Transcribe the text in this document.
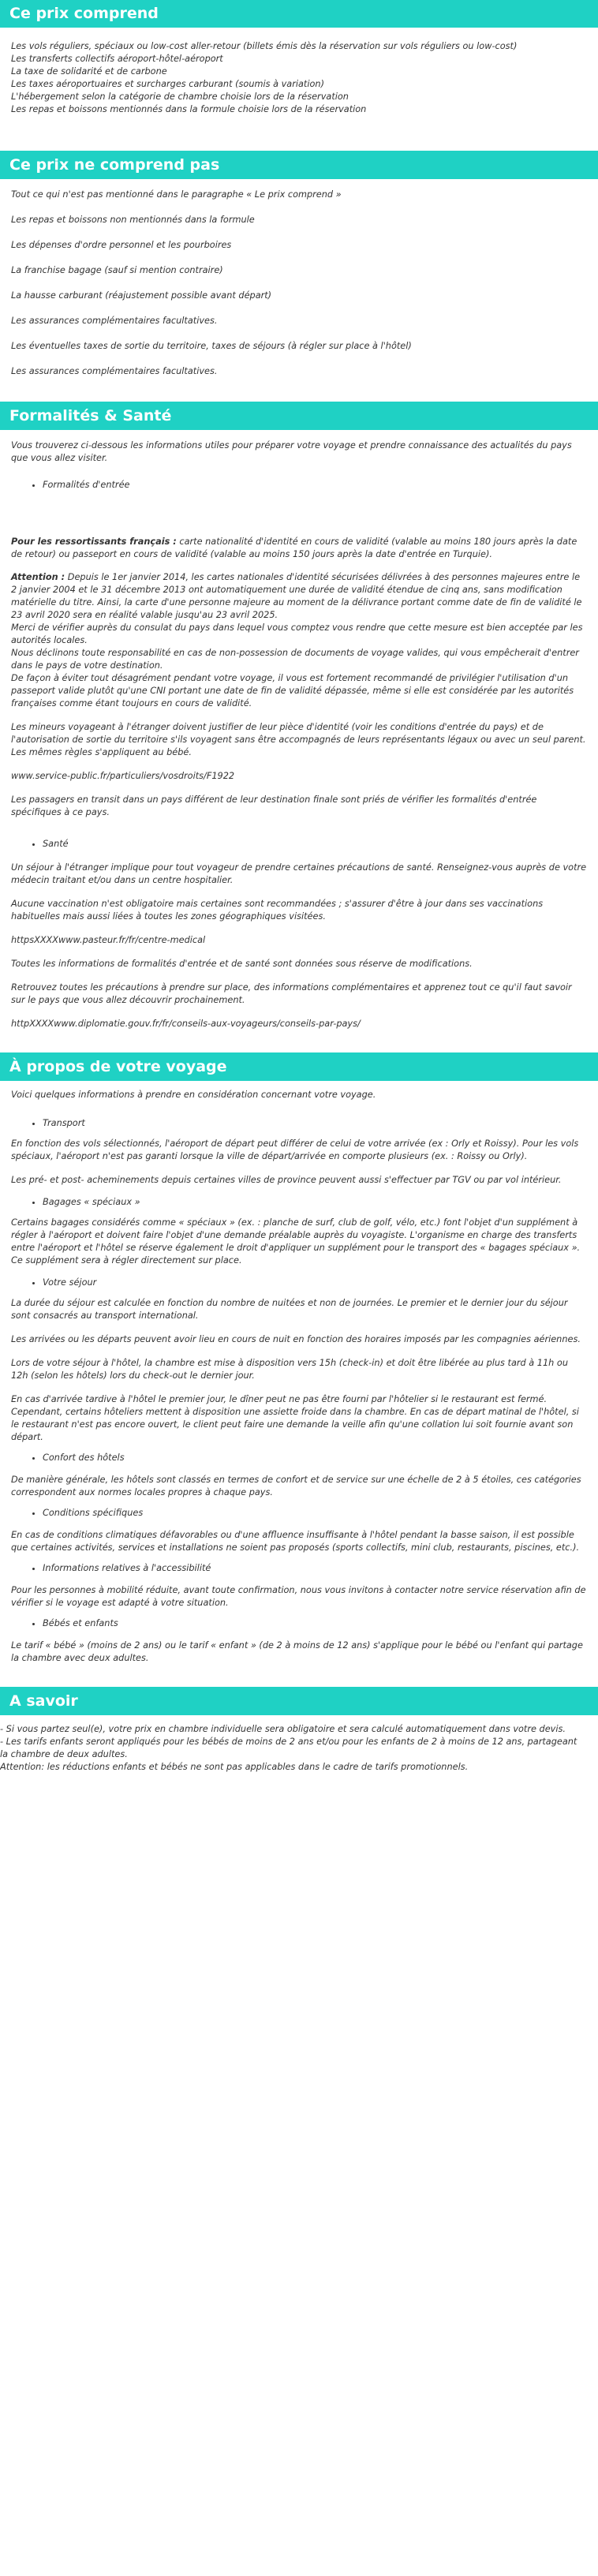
Ce prix comprend

Les vols réguliers, spéciaux ou low-cost aller-retour (billets émis dès la réservation sur vols réguliers ou low-cost)

Les transferts collectifs aéroport-hôtel-aéroport

La taxe de solidarité et de carbone

Les taxes aéroportuaires et surcharges carburant (soumis à variation)

L'hébergement selon la catégorie de chambre choisie lors de la réservation

Les repas et boissons mentionnés dans la formule choisie lors de la réservation

Ce prix ne comprend pas

Tout ce qui n'est pas mentionné dans le paragraphe « Le prix comprend »

Les repas et boissons non mentionnés dans la formule

Les dépenses d'ordre personnel et les pourboires

La franchise bagage (sauf si mention contraire)

La hausse carburant (réajustement possible avant départ)

Les assurances complémentaires facultatives.

Les éventuelles taxes de sortie du territoire, taxes de séjours (à régler sur place à l'hôtel)

Les assurances complémentaires facultatives.

Formalités & Santé

Vous trouverez ci-dessous les informations utiles pour préparer votre voyage et prendre connaissance des actualités du pays que vous allez visiter.

• Formalités d'entrée

Pour les ressortissants français : carte nationalité d'identité en cours de validité (valable au moins 180 jours après la date de retour) ou passeport en cours de validité (valable au moins 150 jours après la date d'entrée en Turquie).

Attention : Depuis le 1er janvier 2014, les cartes nationales d'identité sécurisées délivrées à des personnes majeures entre le 2 janvier 2004 et le 31 décembre 2013 ont automatiquement une durée de validité étendue de cinq ans, sans modification matérielle du titre. Ainsi, la carte d'une personne majeure au moment de la délivrance portant comme date de fin de validité le 23 avril 2020 sera en réalité valable jusqu'au 23 avril 2025.

Merci de vérifier auprès du consulat du pays dans lequel vous comptez vous rendre que cette mesure est bien acceptée par les autorités locales.

Nous déclinons toute responsabilité en cas de non-possession de documents de voyage valides, qui vous empêcherait d'entrer dans le pays de votre destination.

De façon à éviter tout désagrément pendant votre voyage, il vous est fortement recommandé de privilégier l'utilisation d'un passeport valide plutôt qu'une CNI portant une date de fin de validité dépassée, même si elle est considérée par les autorités françaises comme étant toujours en cours de validité.

Les mineurs voyageant à l'étranger doivent justifier de leur pièce d'identité (voir les conditions d'entrée du pays) et de l'autorisation de sortie du territoire s'ils voyagent sans être accompagnés de leurs représentants légaux ou avec un seul parent. Les mêmes règles s'appliquent au bébé.

www.service-public.fr/particuliers/vosdroits/F1922

Les passagers en transit dans un pays différent de leur destination finale sont priés de vérifier les formalités d'entrée spécifiques à ce pays.

• Santé

Un séjour à l'étranger implique pour tout voyageur de prendre certaines précautions de santé. Renseignez-vous auprès de votre médecin traitant et/ou dans un centre hospitalier.

Aucune vaccination n'est obligatoire mais certaines sont recommandées ; s'assurer d'être à jour dans ses vaccinations habituelles mais aussi liées à toutes les zones géographiques visitées.

httpsXXXXwww.pasteur.fr/fr/centre-medical

Toutes les informations de formalités d'entrée et de santé sont données sous réserve de modifications.

Retrouvez toutes les précautions à prendre sur place, des informations complémentaires et apprenez tout ce qu'il faut savoir sur le pays que vous allez découvrir prochainement.

httpXXXXwww.diplomatie.gouv.fr/fr/conseils-aux-voyageurs/conseils-par-pays/

À propos de votre voyage

Voici quelques informations à prendre en considération concernant votre voyage.

• Transport

En fonction des vols sélectionnés, l'aéroport de départ peut différer de celui de votre arrivée (ex : Orly et Roissy). Pour les vols spéciaux, l'aéroport n'est pas garanti lorsque la ville de départ/arrivée en comporte plusieurs (ex. : Roissy ou Orly).

Les pré- et post- acheminements depuis certaines villes de province peuvent aussi s'effectuer par TGV ou par vol intérieur.

• Bagages « spéciaux »

Certains bagages considérés comme « spéciaux » (ex. : planche de surf, club de golf, vélo, etc.) font l'objet d'un supplément à régler à l'aéroport et doivent faire l'objet d'une demande préalable auprès du voyagiste. L'organisme en charge des transferts entre l'aéroport et l'hôtel se réserve également le droit d'appliquer un supplément pour le transport des « bagages spéciaux ». Ce supplément sera à régler directement sur place.

• Votre séjour

La durée du séjour est calculée en fonction du nombre de nuitées et non de journées. Le premier et le dernier jour du séjour sont consacrés au transport international.

Les arrivées ou les départs peuvent avoir lieu en cours de nuit en fonction des horaires imposés par les compagnies aériennes.

Lors de votre séjour à l'hôtel, la chambre est mise à disposition vers 15h (check-in) et doit être libérée au plus tard à 11h ou 12h (selon les hôtels) lors du check-out le dernier jour.

En cas d'arrivée tardive à l'hôtel le premier jour, le dîner peut ne pas être fourni par l'hôtelier si le restaurant est fermé. Cependant, certains hôteliers mettent à disposition une assiette froide dans la chambre. En cas de départ matinal de l'hôtel, si le restaurant n'est pas encore ouvert, le client peut faire une demande la veille afin qu'une collation lui soit fournie avant son départ.

• Confort des hôtels

De manière générale, les hôtels sont classés en termes de confort et de service sur une échelle de 2 à 5 étoiles, ces catégories correspondent aux normes locales propres à chaque pays.

• Conditions spécifiques

En cas de conditions climatiques défavorables ou d'une affluence insuffisante à l'hôtel pendant la basse saison, il est possible que certaines activités, services et installations ne soient pas proposés (sports collectifs, mini club, restaurants, piscines, etc.).

• Informations relatives à l'accessibilité

Pour les personnes à mobilité réduite, avant toute confirmation, nous vous invitons à contacter notre service réservation afin de vérifier si le voyage est adapté à votre situation.

• Bébés et enfants

Le tarif « bébé » (moins de 2 ans) ou le tarif « enfant » (de 2 à moins de 12 ans) s'applique pour le bébé ou l'enfant qui partage la chambre avec deux adultes.

A savoir

- Si vous partez seul(e), votre prix en chambre individuelle sera obligatoire et sera calculé automatiquement dans votre devis.

- Les tarifs enfants seront appliqués pour les bébés de moins de 2 ans et/ou pour les enfants de 2 à moins de 12 ans, partageant la chambre de deux adultes.

Attention: les réductions enfants et bébés ne sont pas applicables dans le cadre de tarifs promotionnels.
